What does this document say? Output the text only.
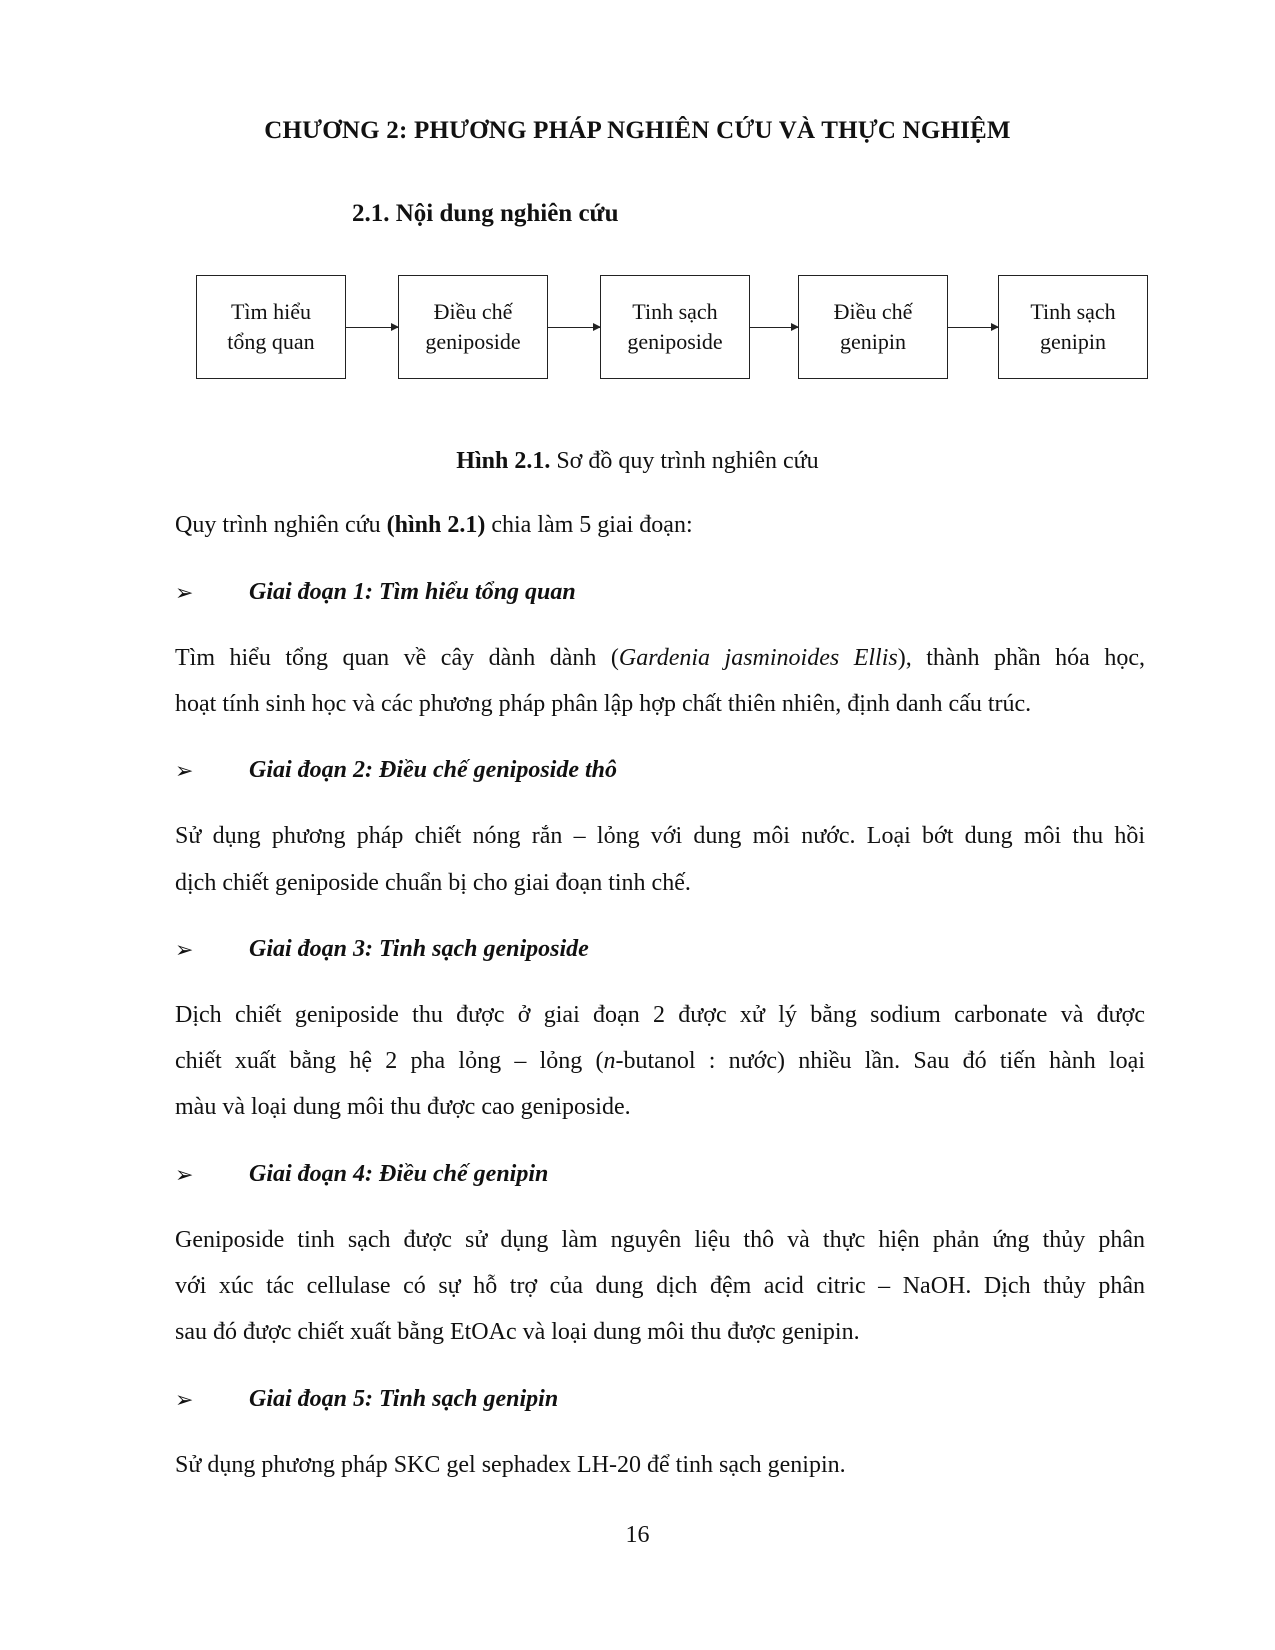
CHƯƠNG 2: PHƯƠNG PHÁP NGHIÊN CỨU VÀ THỰC NGHIỆM
2.1. Nội dung nghiên cứu
Tìm hiểu
tổng quan
Điều chế
geniposide
Tinh sạch
geniposide
Điều chế
genipin
Tinh sạch
genipin
Hình 2.1. Sơ đồ quy trình nghiên cứu
Quy trình nghiên cứu (hình 2.1) chia làm 5 giai đoạn:
➢ Giai đoạn 1: Tìm hiểu tổng quan
Tìm hiểu tổng quan về cây dành dành (Gardenia jasminoides Ellis), thành phần hóa học,
hoạt tính sinh học và các phương pháp phân lập hợp chất thiên nhiên, định danh cấu trúc.
➢ Giai đoạn 2: Điều chế geniposide thô
Sử dụng phương pháp chiết nóng rắn – lỏng với dung môi nước. Loại bớt dung môi thu hồi
dịch chiết geniposide chuẩn bị cho giai đoạn tinh chế.
➢ Giai đoạn 3: Tinh sạch geniposide
Dịch chiết geniposide thu được ở giai đoạn 2 được xử lý bằng sodium carbonate và được
chiết xuất bằng hệ 2 pha lỏng – lỏng (n-butanol : nước) nhiều lần. Sau đó tiến hành loại
màu và loại dung môi thu được cao geniposide.
➢ Giai đoạn 4: Điều chế genipin
Geniposide tinh sạch được sử dụng làm nguyên liệu thô và thực hiện phản ứng thủy phân
với xúc tác cellulase có sự hỗ trợ của dung dịch đệm acid citric – NaOH. Dịch thủy phân
sau đó được chiết xuất bằng EtOAc và loại dung môi thu được genipin.
➢ Giai đoạn 5: Tinh sạch genipin
Sử dụng phương pháp SKC gel sephadex LH-20 để tinh sạch genipin.
16
